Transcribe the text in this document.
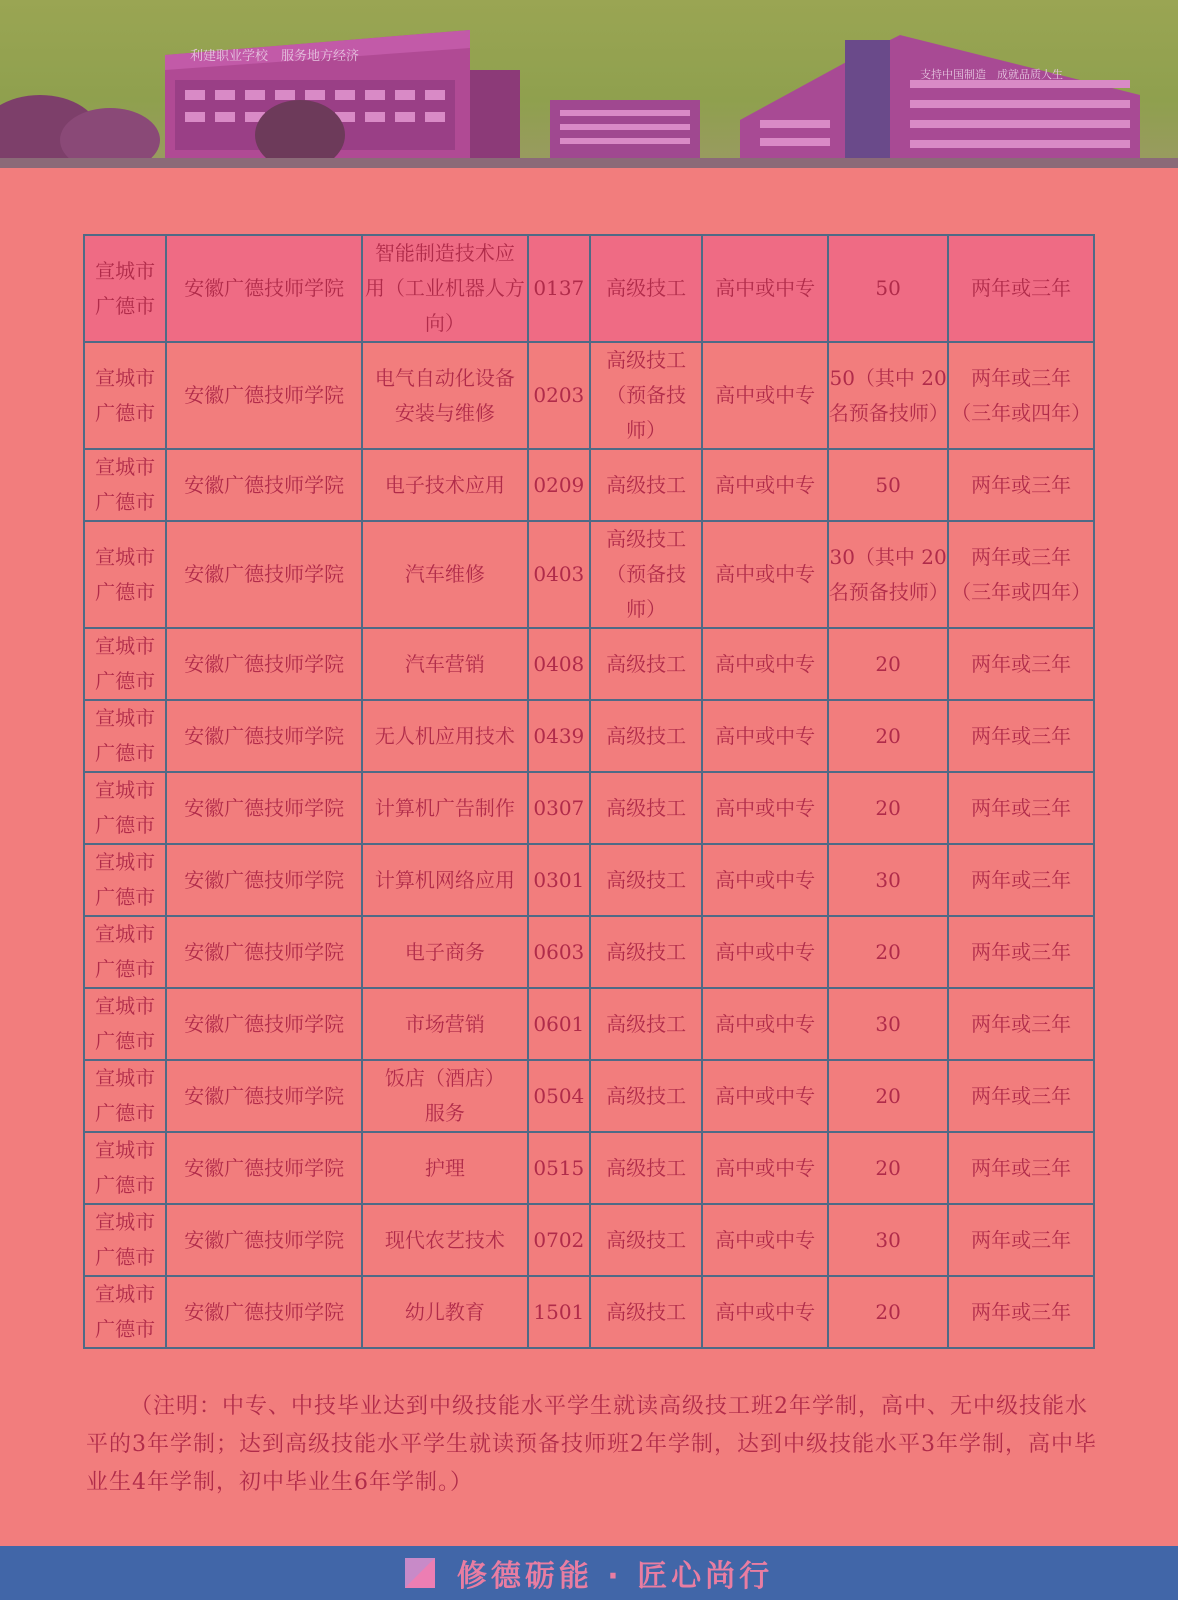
利建职业学校　服务地方经济
支持中国制造　成就品质人生
宣城市
广德市	安徽广德技师学院	智能制造技术应
用（工业机器人方
向）	0137	高级技工	高中或中专	50	两年或三年
宣城市
广德市	安徽广德技师学院	电气自动化设备
安装与维修	0203	高级技工
（预备技
师）	高中或中专	50（其中 20
名预备技师）	两年或三年
（三年或四年）
宣城市
广德市	安徽广德技师学院	电子技术应用	0209	高级技工	高中或中专	50	两年或三年
宣城市
广德市	安徽广德技师学院	汽车维修	0403	高级技工
（预备技
师）	高中或中专	30（其中 20
名预备技师）	两年或三年
（三年或四年）
宣城市
广德市	安徽广德技师学院	汽车营销	0408	高级技工	高中或中专	20	两年或三年
宣城市
广德市	安徽广德技师学院	无人机应用技术	0439	高级技工	高中或中专	20	两年或三年
宣城市
广德市	安徽广德技师学院	计算机广告制作	0307	高级技工	高中或中专	20	两年或三年
宣城市
广德市	安徽广德技师学院	计算机网络应用	0301	高级技工	高中或中专	30	两年或三年
宣城市
广德市	安徽广德技师学院	电子商务	0603	高级技工	高中或中专	20	两年或三年
宣城市
广德市	安徽广德技师学院	市场营销	0601	高级技工	高中或中专	30	两年或三年
宣城市
广德市	安徽广德技师学院	饭店（酒店）
服务	0504	高级技工	高中或中专	20	两年或三年
宣城市
广德市	安徽广德技师学院	护理	0515	高级技工	高中或中专	20	两年或三年
宣城市
广德市	安徽广德技师学院	现代农艺技术	0702	高级技工	高中或中专	30	两年或三年
宣城市
广德市	安徽广德技师学院	幼儿教育	1501	高级技工	高中或中专	20	两年或三年
（注明：中专、中技毕业达到中级技能水平学生就读高级技工班2年学制，高中、无中级技能水平的3年学制；达到高级技能水平学生就读预备技师班2年学制，达到中级技能水平3年学制，高中毕业生4年学制，初中毕业生6年学制。）
修德砺能 · 匠心尚行
